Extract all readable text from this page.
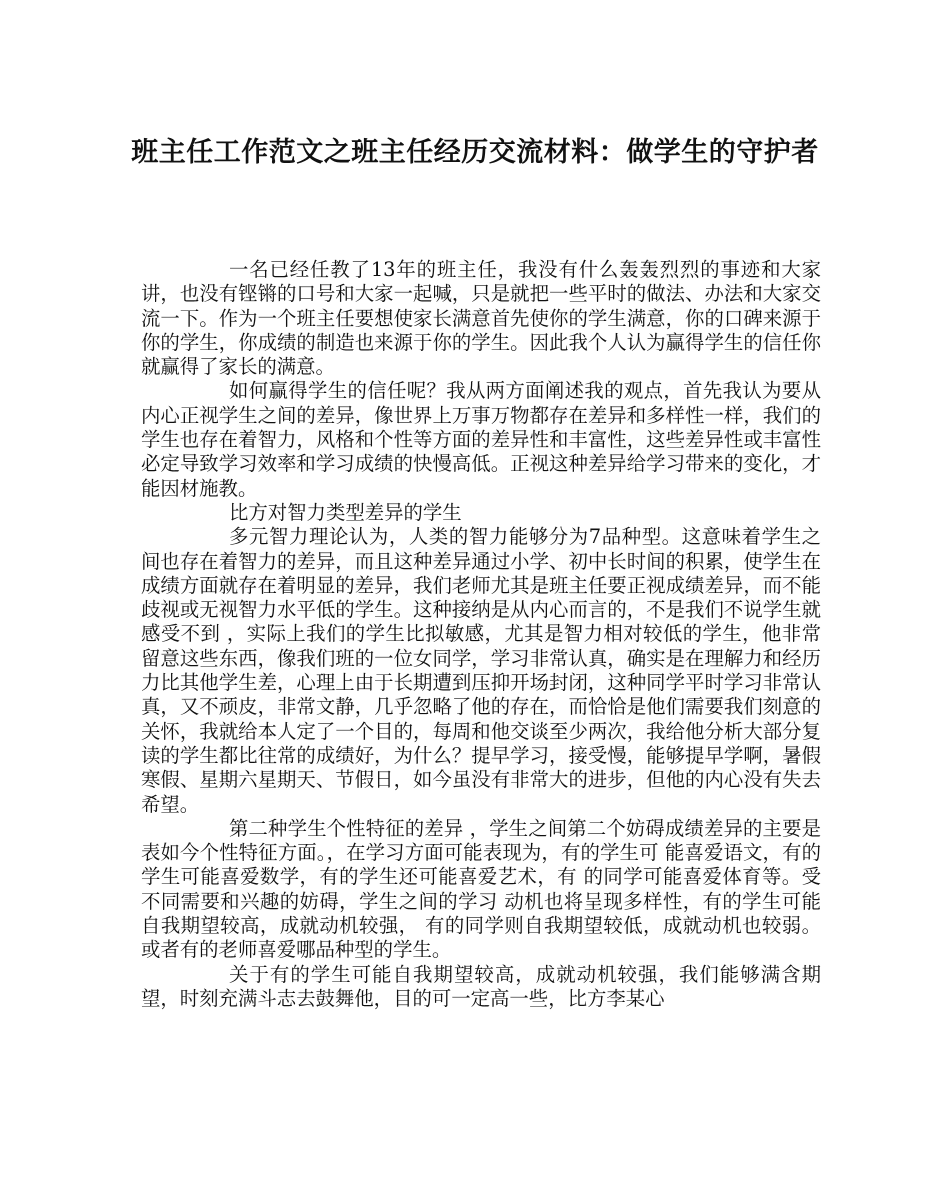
班主任工作范文之班主任经历交流材料：做学生的守护者

一名已经任教了13年的班主任，我没有什么轰轰烈烈的事迹和大家讲，也没有铿锵的口号和大家一起喊，只是就把一些平时的做法、办法和大家交流一下。作为一个班主任要想使家长满意首先使你的学生满意，你的口碑来源于你的学生，你成绩的制造也来源于你的学生。因此我个人认为赢得学生的信任你就赢得了家长的满意。

如何赢得学生的信任呢？我从两方面阐述我的观点，首先我认为要从内心正视学生之间的差异，像世界上万事万物都存在差异和多样性一样，我们的学生也存在着智力，风格和个性等方面的差异性和丰富性，这些差异性或丰富性必定导致学习效率和学习成绩的快慢高低。正视这种差异给学习带来的变化，才能因材施教。

比方对智力类型差异的学生

多元智力理论认为，人类的智力能够分为7品种型。这意味着学生之间也存在着智力的差异，而且这种差异通过小学、初中长时间的积累，使学生在成绩方面就存在着明显的差异，我们老师尤其是班主任要正视成绩差异，而不能歧视或无视智力水平低的学生。这种接纳是从内心而言的，不是我们不说学生就感受不到 ，实际上我们的学生比拟敏感，尤其是智力相对较低的学生，他非常留意这些东西，像我们班的一位女同学，学习非常认真，确实是在理解力和经历力比其他学生差，心理上由于长期遭到压抑开场封闭，这种同学平时学习非常认真，又不顽皮，非常文静，几乎忽略了他的存在，而恰恰是他们需要我们刻意的关怀，我就给本人定了一个目的，每周和他交谈至少两次，我给他分析大部分复读的学生都比往常的成绩好，为什么？提早学习，接受慢，能够提早学啊，暑假寒假、星期六星期天、节假日，如今虽没有非常大的进步，但他的内心没有失去希望。

第二种学生个性特征的差异 ，学生之间第二个妨碍成绩差异的主要是表如今个性特征方面。，在学习方面可能表现为，有的学生可 能喜爱语文，有的学生可能喜爱数学，有的学生还可能喜爱艺术，有 的同学可能喜爱体育等。受不同需要和兴趣的妨碍，学生之间的学习 动机也将呈现多样性，有的学生可能自我期望较高，成就动机较强， 有的同学则自我期望较低，成就动机也较弱。或者有的老师喜爱哪品种型的学生。

关于有的学生可能自我期望较高，成就动机较强，我们能够满含期望，时刻充满斗志去鼓舞他，目的可一定高一些，比方李某心
